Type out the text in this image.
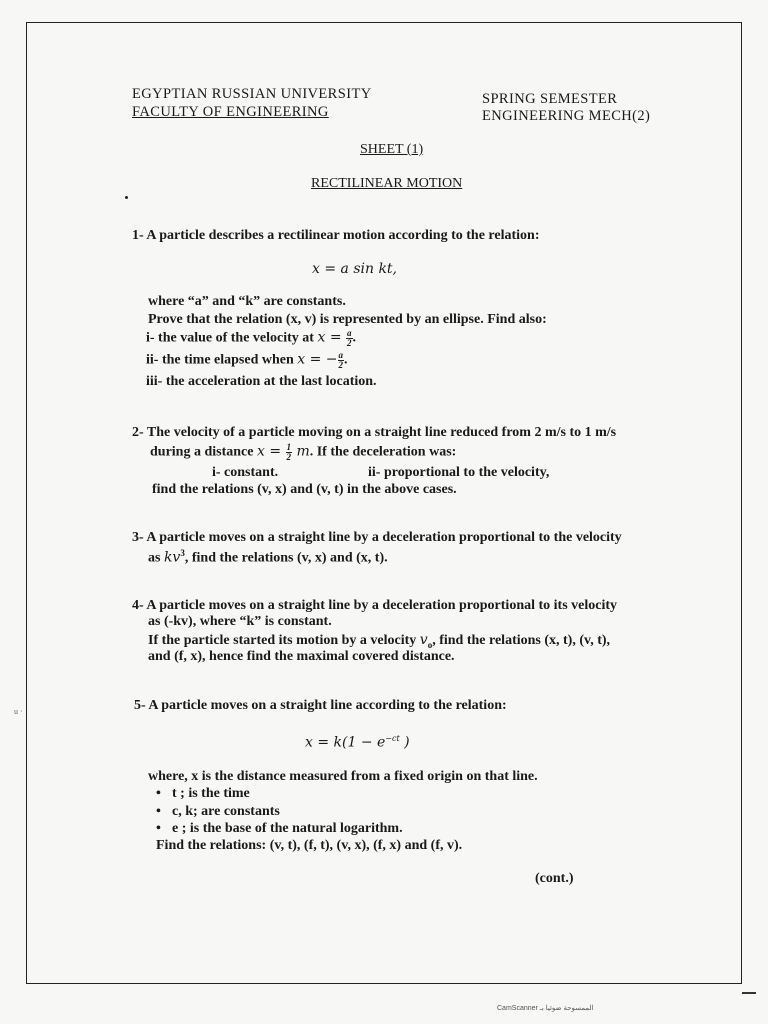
EGYPTIAN RUSSIAN UNIVERSITY
FACULTY OF ENGINEERING
SPRING SEMESTER
ENGINEERING MECH(2)
SHEET (1)
RECTILINEAR MOTION
1- A particle describes a rectilinear motion according to the relation:
x = a sin kt,
where “a” and “k” are constants.
Prove that the relation (x, v) is represented by an ellipse. Find also:
i- the value of the velocity at $x = \frac{a}{2}$ .
ii- the time elapsed when x = − $\frac{a}{2}$ .
iii- the acceleration at the last location.
2- The velocity of a particle moving on a straight line reduced from 2 m/s to 1 m/s
during a distance $x = \frac{1}{2} m$. If the deceleration was:
i- constant.	ii- proportional to the velocity,
find the relations (v, x) and (v, t) in the above cases.
3- A particle moves on a straight line by a deceleration proportional to the velocity
as $kv^3$, find the relations (v, x) and (x, t).
4- A particle moves on a straight line by a deceleration proportional to its velocity
as (-kv), where “k” is constant.
If the particle started its motion by a velocity $v_o$, find the relations (x, t), (v, t),
and (f, x), hence find the maximal covered distance.
u ·	5- A particle moves on a straight line according to the relation:
$x = k(1 - e^{-ct}$ )
where, x is the distance measured from a fixed origin on that line.
• t ; is the time
• c, k; are constants
• e ; is the base of the natural logarithm.
Find the relations: (v, t), (f, t), (v, x), (f, x) and (f, v).
(cont.)
CamScanner ﺍﻟﻤﻤﺴﻮﺣﺔ ﺿﻮﺋﻴﺎ ﺑـ
